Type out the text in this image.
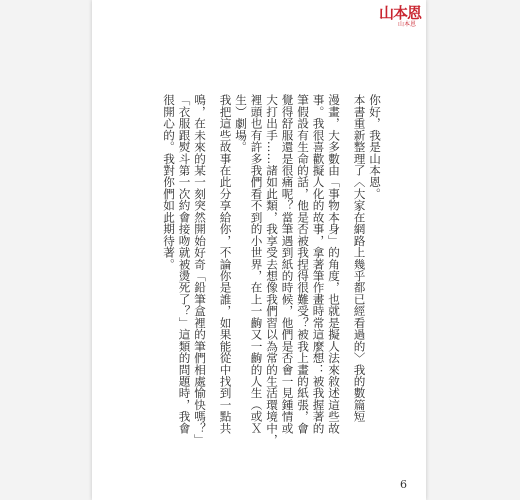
山本恩
山本恩

你好，我是山本恩。

本書重新整理了〈大家在網路上幾乎都已經看過的〉我的數篇短

漫畫，大多數由「事物本身」的角度，也就是擬人法來敘述這些故

事。我很喜歡擬人化的故事，拿著筆作畫時常這麼想：被我握著的

筆假設有生命的話，他是否被我捏得很難受？被我上畫的紙張，會

覺得舒服還是很痛呢？當筆遇到紙的時候，他們是否會一見鍾情或

大打出手……諸如此類，我享受去想像我們習以為常的生活環境中，

裡頭也有許多我們看不到的小世界，在上一齣又一齣的人生（或Ｘ

生）劇場。

我把這些故事在此分享給你，不論你是誰，如果能從中找到一點共

鳴，在未來的某一刻突然開始好奇「鉛筆盒裡的筆們相處愉快嗎？」

「衣服跟熨斗第一次約會接吻就被燙死了？」這類的問題時，我會

很開心的。我對你們如此期待著。

6
